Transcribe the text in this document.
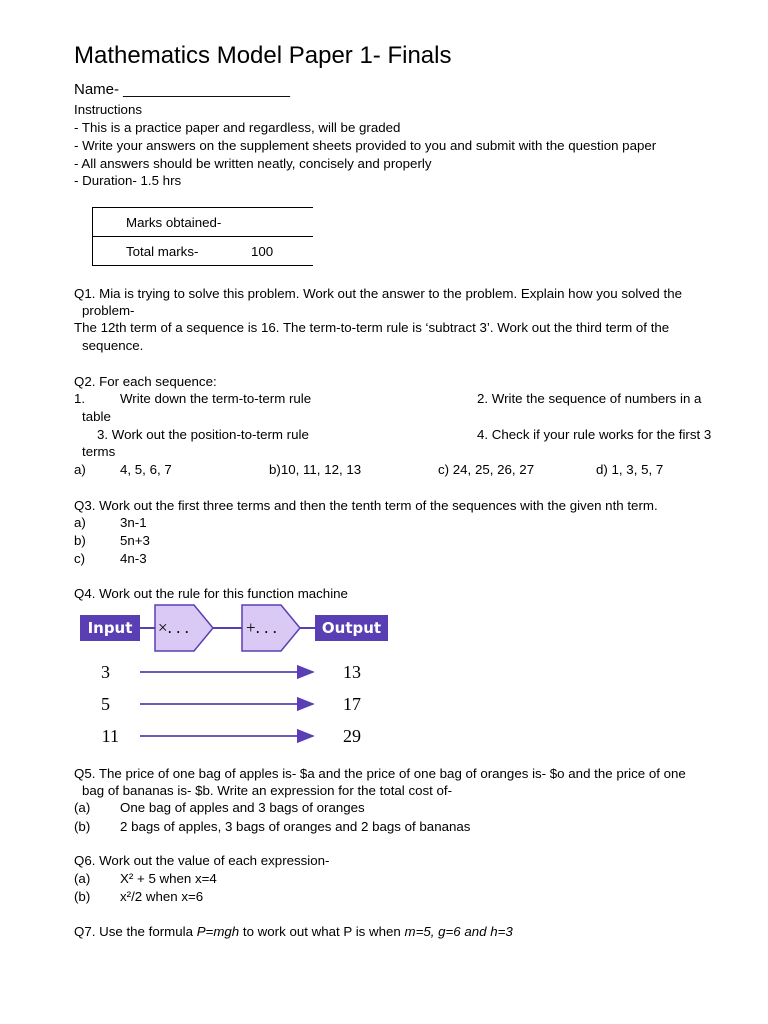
Mathematics Model Paper 1- Finals
Name- ____________________
Instructions
- This is a practice paper and regardless, will be graded
- Write your answers on the supplement sheets provided to you and submit with the question paper
- All answers should be written neatly, concisely and properly
- Duration- 1.5 hrs
Marks obtained-
Total marks-	100
Q1. Mia is trying to solve this problem. Work out the answer to the problem. Explain how you solved the
problem-
The 12th term of a sequence is 16. The term-to-term rule is ‘subtract 3’. Work out the third term of the
sequence.
Q2. For each sequence:
1.	Write down the term-to-term rule	2. Write the sequence of numbers in a
table
3. Work out the position-to-term rule	4. Check if your rule works for the first 3
terms
a)	4, 5, 6, 7	b)10, 11, 12, 13	c) 24, 25, 26, 27	d) 1, 3, 5, 7
Q3. Work out the first three terms and then the tenth term of the sequences with the given nth term.
a)	3n-1
b)	5n+3
c)	4n-3
Q4. Work out the rule for this function machine
Input	Output
×. . .	+. . .
3	13
5	17
11	29
Q5. The price of one bag of apples is- $a and the price of one bag of oranges is- $o and the price of one
bag of bananas is- $b. Write an expression for the total cost of-
(a) One bag of apples and 3 bags of oranges
(b) 2 bags of apples, 3 bags of oranges and 2 bags of bananas
Q6. Work out the value of each expression-
(a) X² + 5 when x=4
(b) x²/2 when x=6
Q7. Use the formula P=mgh to work out what P is when m=5, g=6 and h=3
